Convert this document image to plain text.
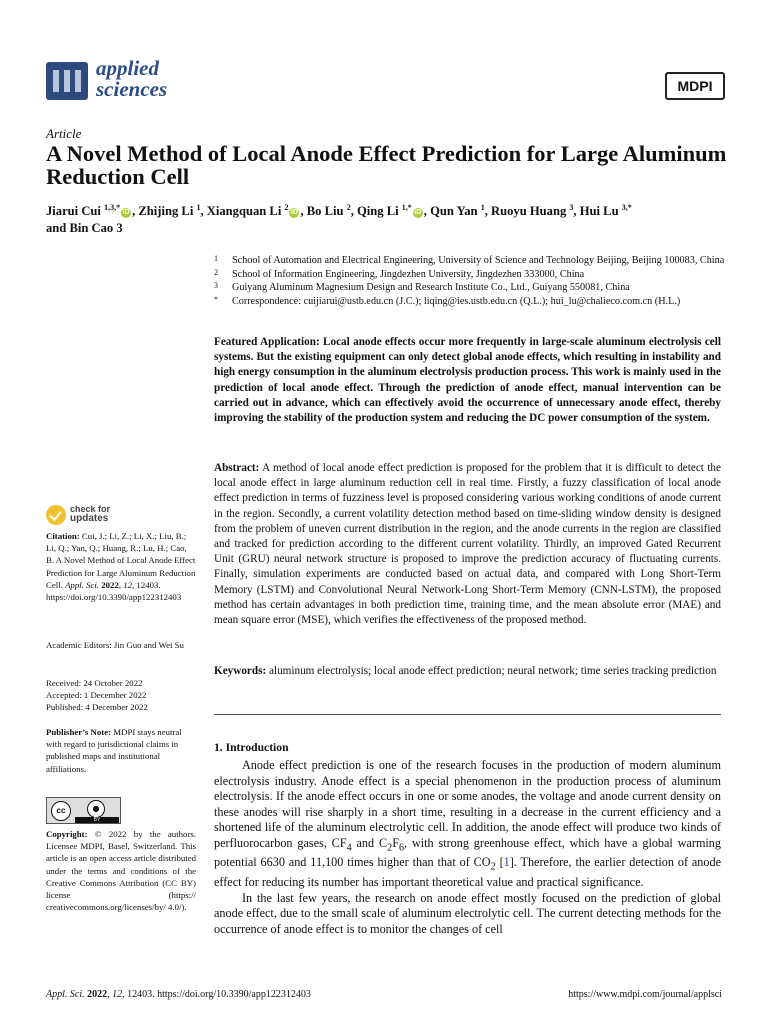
applied
sciences	MDPI
Article
A Novel Method of Local Anode Effect Prediction for Large Aluminum Reduction Cell
Jiarui Cui $^{1,3,*}$iD , Zhijing Li $^1$, Xiangquan Li $^2$iD , Bo Liu $^2$, Qing Li $^{1,*}$iD , Qun Yan $^1$, Ruoyu Huang $^3$, Hui Lu $^{3,*}$
and Bin Cao 3
1 School of Automation and Electrical Engineering, University of Science and Technology Beijing, Beijing 100083, China
2 School of Information Engineering, Jingdezhen University, Jingdezhen 333000, China
3 Guiyang Aluminum Magnesium Design and Research Institute Co., Ltd., Guiyang 550081, China
* Correspondence: cuijiarui@ustb.edu.cn (J.C.); liqing@ies.ustb.edu.cn (Q.L.); hui_lu@chalieco.com.cn (H.L.)
Featured Application: Local anode effects occur more frequently in large-scale aluminum electrolysis cell systems. But the existing equipment can only detect global anode effects, which resulting in instability and high energy consumption in the aluminum electrolysis production process. This work is mainly used in the prediction of local anode effect. Through the prediction of anode effect, manual intervention can be carried out in advance, which can effectively avoid the occurrence of unnecessary anode effect, thereby improving the stability of the production system and reducing the DC power consumption of the system.
Abstract: A method of local anode effect prediction is proposed for the problem that it is difficult to detect the local anode effect in large aluminum reduction cell in real time. Firstly, a fuzzy classification of local anode effect prediction in terms of fuzziness level is proposed considering various working conditions of anode current in the region. Secondly, a current volatility detection method based on time-sliding window density is designed from the problem of uneven current distribution in the region, and the anode currents in the region are classified and tracked for prediction according to the different current volatility. Thirdly, an improved Gated Recurrent Unit (GRU) neural network structure is proposed to improve the prediction accuracy of fluctuating currents. Finally, simulation experiments are conducted based on actual data, and compared with Long Short-Term Memory (LSTM) and Convolutional Neural Network-Long Short-Term Memory (CNN-LSTM), the proposed method has certain advantages in both prediction time, training time, and the mean absolute error (MAE) and mean square error (MSE), which verifies the effectiveness of the proposed method.
Keywords: aluminum electrolysis; local anode effect prediction; neural network; time series tracking prediction
1. Introduction

Anode effect prediction is one of the research focuses in the production of modern aluminum electrolysis industry. Anode effect is a special phenomenon in the production process of aluminum electrolysis. If the anode effect occurs in one or some anodes, the voltage and anode current density on these anodes will rise sharply in a short time, resulting in a decrease in the current efficiency and a shortened life of the aluminum electrolytic cell. In addition, the anode effect will produce two kinds of perfluorocarbon gases, $CF_4$ and $C_2F_6$, with strong greenhouse effect, which have a global warming potential 6630 and 11,100 times higher than that of $CO_2$ [1]. Therefore, the earlier detection of anode effect for reducing its number has important theoretical value and practical significance.

In the last few years, the research on anode effect mostly focused on the prediction of global anode effect, due to the small scale of aluminum electrolytic cell. The current detecting methods for the occurrence of anode effect is to monitor the changes of cell

check for
updates
Citation: Cui, J.; Li, Z.; Li, X.; Liu, B.; Li, Q.; Yan, Q.; Huang, R.; Lu, H.; Cao, B. A Novel Method of Local Anode Effect Prediction for Large Aluminum Reduction Cell. Appl. Sci. 2022, 12, 12403. https://doi.org/10.3390/app122312403
Academic Editors: Jin Guo and Wei Su
Received: 24 October 2022
Accepted: 1 December 2022
Published: 4 December 2022
Publisher’s Note: MDPI stays neutral with regard to jurisdictional claims in published maps and institutional affiliations.
cc	●
BY
Copyright: © 2022 by the authors. Licensee MDPI, Basel, Switzerland. This article is an open access article distributed under the terms and conditions of the Creative Commons Attribution (CC BY) license (https:// creativecommons.org/licenses/by/ 4.0/).
Appl. Sci. 2022, 12, 12403. https://doi.org/10.3390/app122312403	https://www.mdpi.com/journal/applsci
